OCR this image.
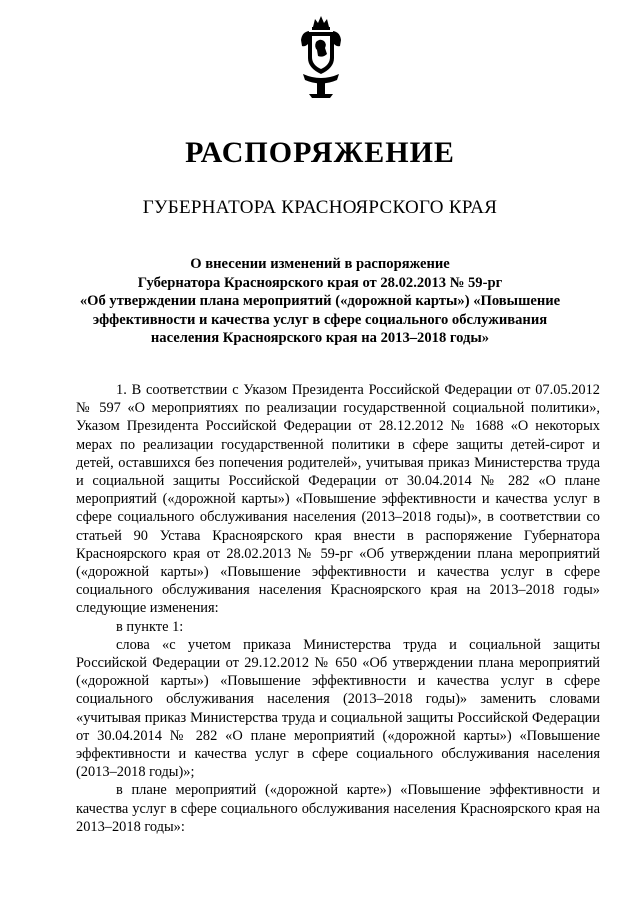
РАСПОРЯЖЕНИЕ
ГУБЕРНАТОРА КРАСНОЯРСКОГО КРАЯ
О внесении изменений в распоряжение
Губернатора Красноярского края от 28.02.2013 № 59-рг
«Об утверждении плана мероприятий («дорожной карты») «Повышение
эффективности и качества услуг в сфере социального обслуживания
населения Красноярского края на 2013–2018 годы»

1. В соответствии с Указом Президента Российской Федерации от 07.05.2012 № 597 «О мероприятиях по реализации государственной социальной политики», Указом Президента Российской Федерации от 28.12.2012 № 1688 «О некоторых мерах по реализации государственной политики в сфере защиты детей-сирот и детей, оставшихся без попечения родителей», учитывая приказ Министерства труда и социальной защиты Российской Федерации от 30.04.2014 № 282 «О плане мероприятий («дорожной карты») «Повышение эффективности и качества услуг в сфере социального обслуживания населения (2013–2018 годы)», в соответствии со статьей 90 Устава Красноярского края внести в распоряжение Губернатора Красноярского края от 28.02.2013 № 59-рг «Об утверждении плана мероприятий («дорожной карты») «Повышение эффективности и качества услуг в сфере социального обслуживания населения Красноярского края на 2013–2018 годы» следующие изменения:

в пункте 1:

слова «с учетом приказа Министерства труда и социальной защиты Российской Федерации от 29.12.2012 № 650 «Об утверждении плана мероприятий («дорожной карты») «Повышение эффективности и качества услуг в сфере социального обслуживания населения (2013–2018 годы)» заменить словами «учитывая приказ Министерства труда и социальной защиты Российской Федерации от 30.04.2014 № 282 «О плане мероприятий («дорожной карты») «Повышение эффективности и качества услуг в сфере социального обслуживания населения (2013–2018 годы)»;

в плане мероприятий («дорожной карте») «Повышение эффективности и качества услуг в сфере социального обслуживания населения Красноярского края на 2013–2018 годы»:
